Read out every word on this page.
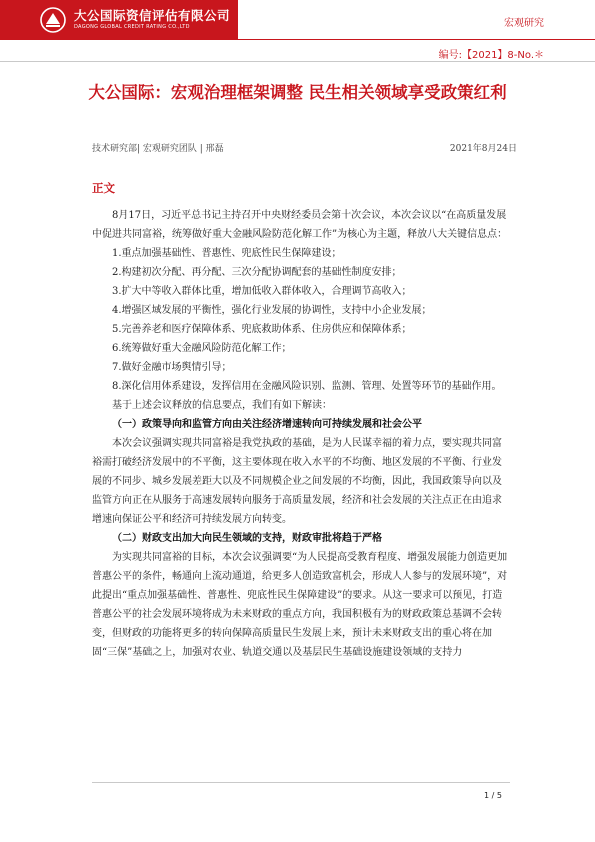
大公国际资信评估有限公司
DAGONG GLOBAL CREDIT RATING CO.,LTD	宏观研究
编号:【2021】8-No.＊
大公国际：宏观治理框架调整 民生相关领域享受政策红利
技术研究部| 宏观研究团队 | 邢磊	2021年8月24日
正文

8月17日，习近平总书记主持召开中央财经委员会第十次会议，本次会议以“在高质量发展中促进共同富裕，统筹做好重大金融风险防范化解工作”为核心为主题，释放八大关键信息点：

1.重点加强基础性、普惠性、兜底性民生保障建设；

2.构建初次分配、再分配、三次分配协调配套的基础性制度安排；

3.扩大中等收入群体比重，增加低收入群体收入，合理调节高收入；

4.增强区域发展的平衡性，强化行业发展的协调性，支持中小企业发展；

5.完善养老和医疗保障体系、兜底救助体系、住房供应和保障体系；

6.统筹做好重大金融风险防范化解工作；

7.做好金融市场舆情引导；

8.深化信用体系建设，发挥信用在金融风险识别、监测、管理、处置等环节的基础作用。

基于上述会议释放的信息要点，我们有如下解读：

（一）政策导向和监管方向由关注经济增速转向可持续发展和社会公平

本次会议强调实现共同富裕是我党执政的基础，是为人民谋幸福的着力点，要实现共同富裕需打破经济发展中的不平衡，这主要体现在收入水平的不均衡、地区发展的不平衡、行业发展的不同步、城乡发展差距大以及不同规模企业之间发展的不均衡，因此，我国政策导向以及监管方向正在从服务于高速发展转向服务于高质量发展，经济和社会发展的关注点正在由追求增速向保证公平和经济可持续发展方向转变。

（二）财政支出加大向民生领域的支持，财政审批将趋于严格

为实现共同富裕的目标，本次会议强调要“为人民提高受教育程度、增强发展能力创造更加普惠公平的条件，畅通向上流动通道，给更多人创造致富机会，形成人人参与的发展环境”，对此提出“重点加强基础性、普惠性、兜底性民生保障建设”的要求。从这一要求可以预见，打造普惠公平的社会发展环境将成为未来财政的重点方向，我国积极有为的财政政策总基调不会转变，但财政的功能将更多的转向保障高质量民生发展上来，预计未来财政支出的重心将在加固“三保”基础之上，加强对农业、轨道交通以及基层民生基础设施建设领域的支持力

1 / 5
